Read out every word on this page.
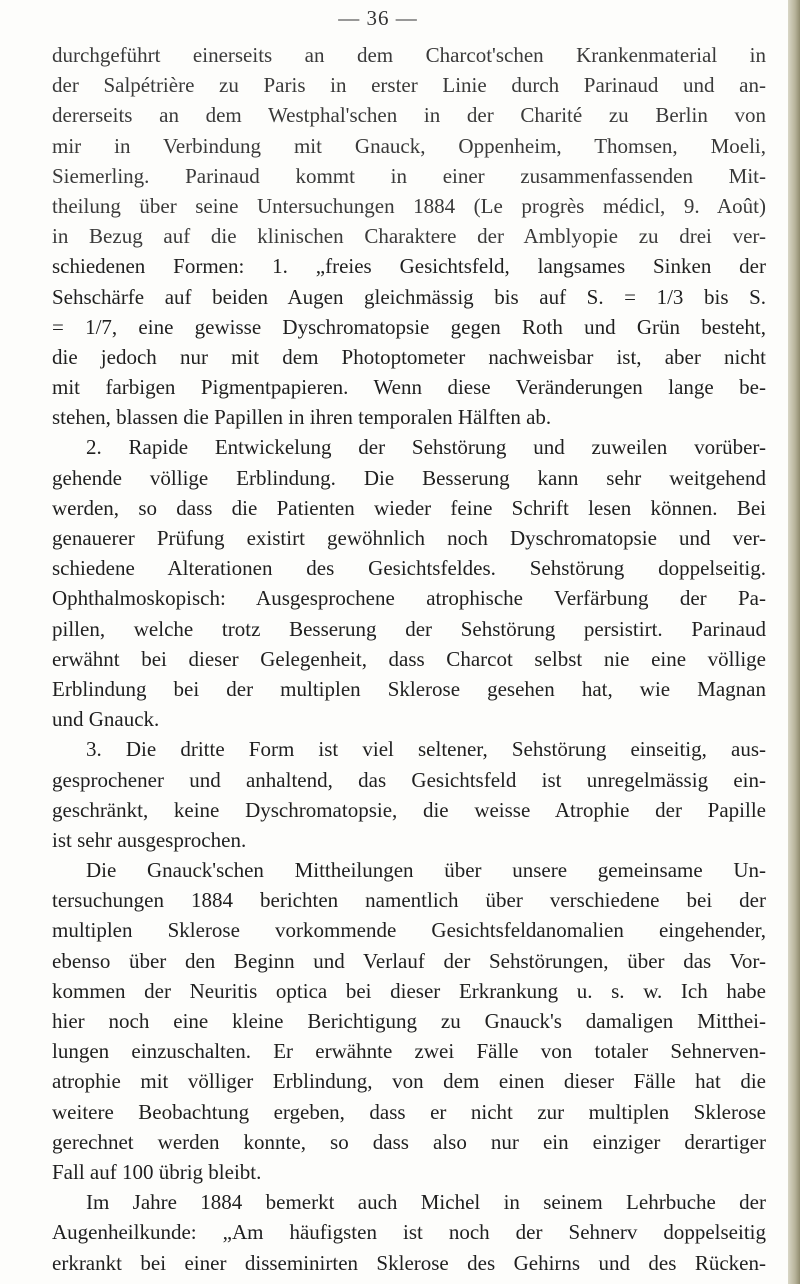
— 36 —
durchgeführt einerseits an dem Charcot'schen Krankenmaterial in
der Salpétrière zu Paris in erster Linie durch Parinaud und an-
dererseits an dem Westphal'schen in der Charité zu Berlin von
mir in Verbindung mit Gnauck, Oppenheim, Thomsen, Moeli,
Siemerling. Parinaud kommt in einer zusammenfassenden Mit-
theilung über seine Untersuchungen 1884 (Le progrès médicl, 9. Août)
in Bezug auf die klinischen Charaktere der Amblyopie zu drei ver-
schiedenen Formen: 1. „freies Gesichtsfeld, langsames Sinken der
Sehschärfe auf beiden Augen gleichmässig bis auf S. = 1/3 bis S.
= 1/7, eine gewisse Dyschromatopsie gegen Roth und Grün besteht,
die jedoch nur mit dem Photoptometer nachweisbar ist, aber nicht
mit farbigen Pigmentpapieren. Wenn diese Veränderungen lange be-
stehen, blassen die Papillen in ihren temporalen Hälften ab.
2. Rapide Entwickelung der Sehstörung und zuweilen vorüber-
gehende völlige Erblindung. Die Besserung kann sehr weitgehend
werden, so dass die Patienten wieder feine Schrift lesen können. Bei
genauerer Prüfung existirt gewöhnlich noch Dyschromatopsie und ver-
schiedene Alterationen des Gesichtsfeldes. Sehstörung doppelseitig.
Ophthalmoskopisch: Ausgesprochene atrophische Verfärbung der Pa-
pillen, welche trotz Besserung der Sehstörung persistirt. Parinaud
erwähnt bei dieser Gelegenheit, dass Charcot selbst nie eine völlige
Erblindung bei der multiplen Sklerose gesehen hat, wie Magnan
und Gnauck.
3. Die dritte Form ist viel seltener, Sehstörung einseitig, aus-
gesprochener und anhaltend, das Gesichtsfeld ist unregelmässig ein-
geschränkt, keine Dyschromatopsie, die weisse Atrophie der Papille
ist sehr ausgesprochen.
Die Gnauck'schen Mittheilungen über unsere gemeinsame Un-
tersuchungen 1884 berichten namentlich über verschiedene bei der
multiplen Sklerose vorkommende Gesichtsfeldanomalien eingehender,
ebenso über den Beginn und Verlauf der Sehstörungen, über das Vor-
kommen der Neuritis optica bei dieser Erkrankung u. s. w. Ich habe
hier noch eine kleine Berichtigung zu Gnauck's damaligen Mitthei-
lungen einzuschalten. Er erwähnte zwei Fälle von totaler Sehnerven-
atrophie mit völliger Erblindung, von dem einen dieser Fälle hat die
weitere Beobachtung ergeben, dass er nicht zur multiplen Sklerose
gerechnet werden konnte, so dass also nur ein einziger derartiger
Fall auf 100 übrig bleibt.
Im Jahre 1884 bemerkt auch Michel in seinem Lehrbuche der
Augenheilkunde: „Am häufigsten ist noch der Sehnerv doppelseitig
erkrankt bei einer disseminirten Sklerose des Gehirns und des Rücken-
